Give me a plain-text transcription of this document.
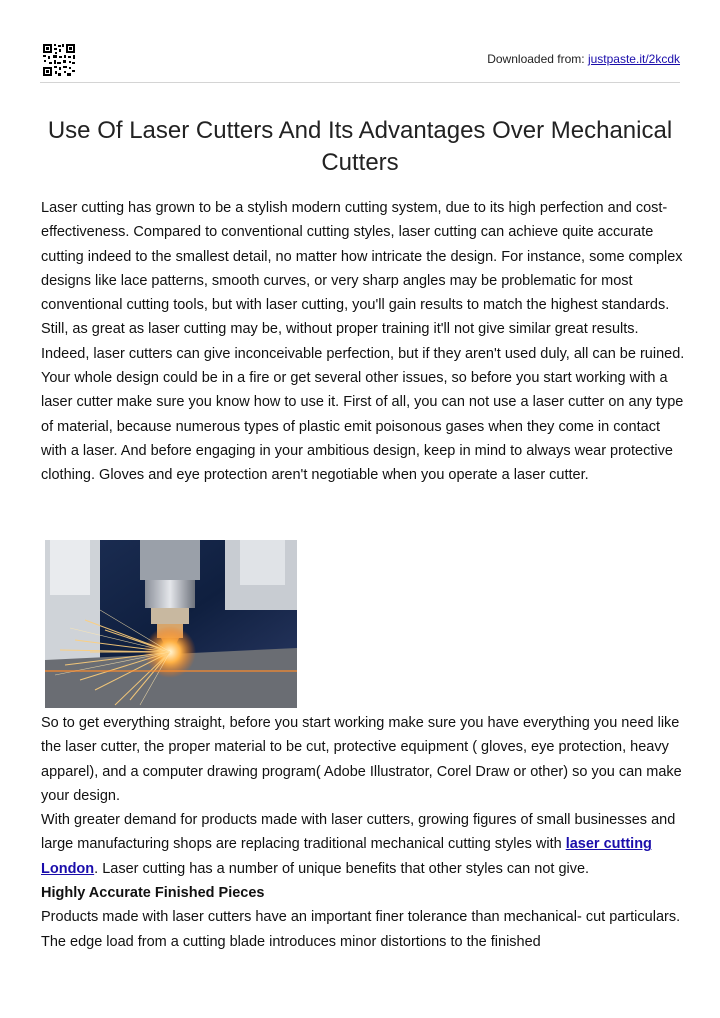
Downloaded from: justpaste.it/2kcdk
Use Of Laser Cutters And Its Advantages Over Mechanical Cutters

Laser cutting has grown to be a stylish modern cutting system, due to its high perfection and cost-effectiveness. Compared to conventional cutting styles, laser cutting can achieve quite accurate cutting indeed to the smallest detail, no matter how intricate the design. For instance, some complex designs like lace patterns, smooth curves, or very sharp angles may be problematic for most conventional cutting tools, but with laser cutting, you'll gain results to match the highest standards.

Still, as great as laser cutting may be, without proper training it'll not give similar great results. Indeed, laser cutters can give inconceivable perfection, but if they aren't used duly, all can be ruined. Your whole design could be in a fire or get several other issues, so before you start working with a laser cutter make sure you know how to use it. First of all, you can not use a laser cutter on any type of material, because numerous types of plastic emit poisonous gases when they come in contact with a laser. And before engaging in your ambitious design, keep in mind to always wear protective clothing. Gloves and eye protection aren't negotiable when you operate a laser cutter.

So to get everything straight, before you start working make sure you have everything you need like the laser cutter, the proper material to be cut, protective equipment ( gloves, eye protection, heavy apparel), and a computer drawing program( Adobe Illustrator, Corel Draw or other) so you can make your design.

With greater demand for products made with laser cutters, growing figures of small businesses and large manufacturing shops are replacing traditional mechanical cutting styles with laser cutting London. Laser cutting has a number of unique benefits that other styles can not give.

Highly Accurate Finished Pieces

Products made with laser cutters have an important finer tolerance than mechanical- cut particulars. The edge load from a cutting blade introduces minor distortions to the finished
